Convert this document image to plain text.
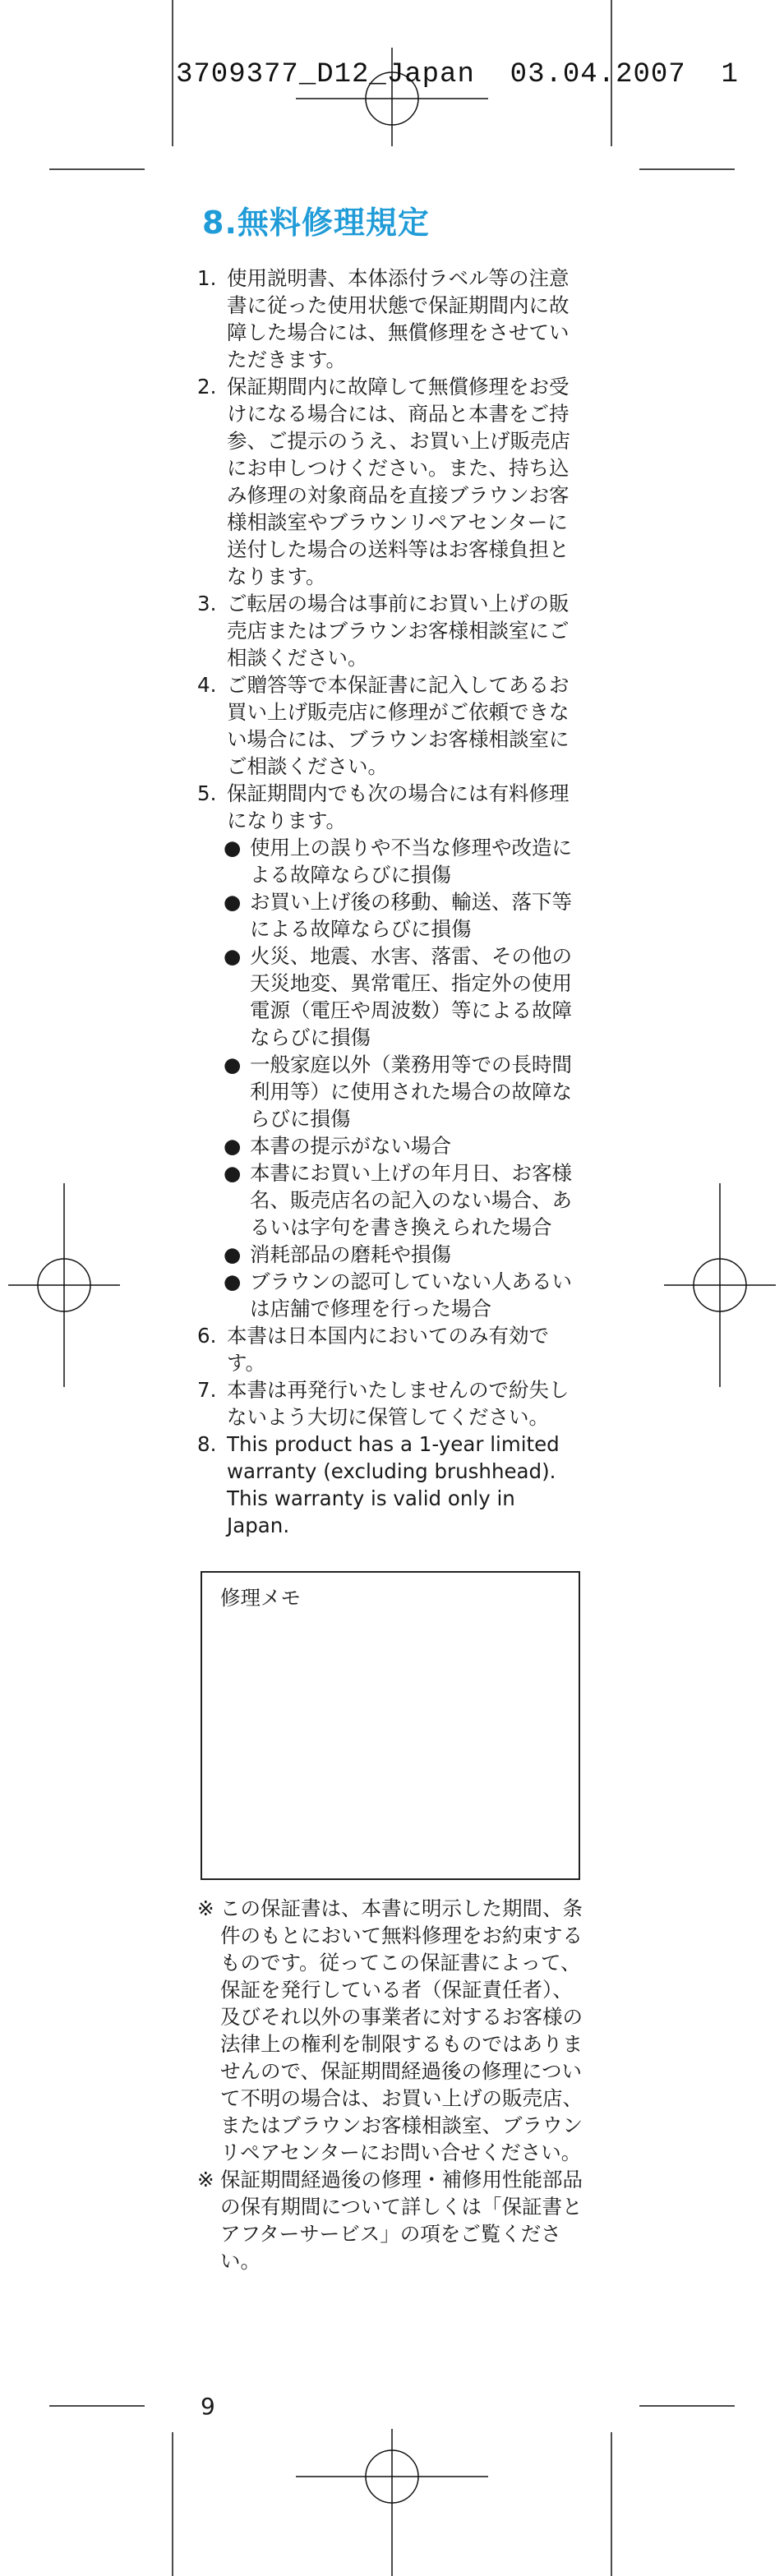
3709377_D12_Japan  03.04.2007  1
8.無料修理規定
1. 使用説明書、本体添付ラベル等の注意書に従った使用状態で保証期間内に故障した場合には、無償修理をさせていただきます。
2. 保証期間内に故障して無償修理をお受けになる場合には、商品と本書をご持参、ご提示のうえ、お買い上げ販売店にお申しつけください。また、持ち込み修理の対象商品を直接ブラウンお客様相談室やブラウンリペアセンターに送付した場合の送料等はお客様負担となります。
3. ご転居の場合は事前にお買い上げの販売店またはブラウンお客様相談室にご相談ください。
4. ご贈答等で本保証書に記入してあるお買い上げ販売店に修理がご依頼できない場合には、ブラウンお客様相談室にご相談ください。
5. 保証期間内でも次の場合には有料修理になります。
● 使用上の誤りや不当な修理や改造による故障ならびに損傷
● お買い上げ後の移動、輸送、落下等による故障ならびに損傷
● 火災、地震、水害、落雷、その他の天災地変、異常電圧、指定外の使用電源（電圧や周波数）等による故障ならびに損傷
● 一般家庭以外（業務用等での長時間利用等）に使用された場合の故障ならびに損傷
● 本書の提示がない場合
● 本書にお買い上げの年月日、お客様名、販売店名の記入のない場合、あるいは字句を書き換えられた場合
● 消耗部品の磨耗や損傷
● ブラウンの認可していない人あるいは店舗で修理を行った場合
6. 本書は日本国内においてのみ有効です。
7. 本書は再発行いたしませんので紛失しないよう大切に保管してください。
8. This product has a 1-year limited warranty (excluding brushhead). This warranty is valid only in Japan.
修理メモ
※ この保証書は、本書に明示した期間、条件のもとにおいて無料修理をお約束するものです。従ってこの保証書によって、保証を発行している者（保証責任者）、及びそれ以外の事業者に対するお客様の法律上の権利を制限するものではありませんので、保証期間経過後の修理について不明の場合は、お買い上げの販売店、またはブラウンお客様相談室、ブラウンリペアセンターにお問い合せください。
※ 保証期間経過後の修理・補修用性能部品の保有期間について詳しくは「保証書とアフターサービス」の項をご覧ください。
9
